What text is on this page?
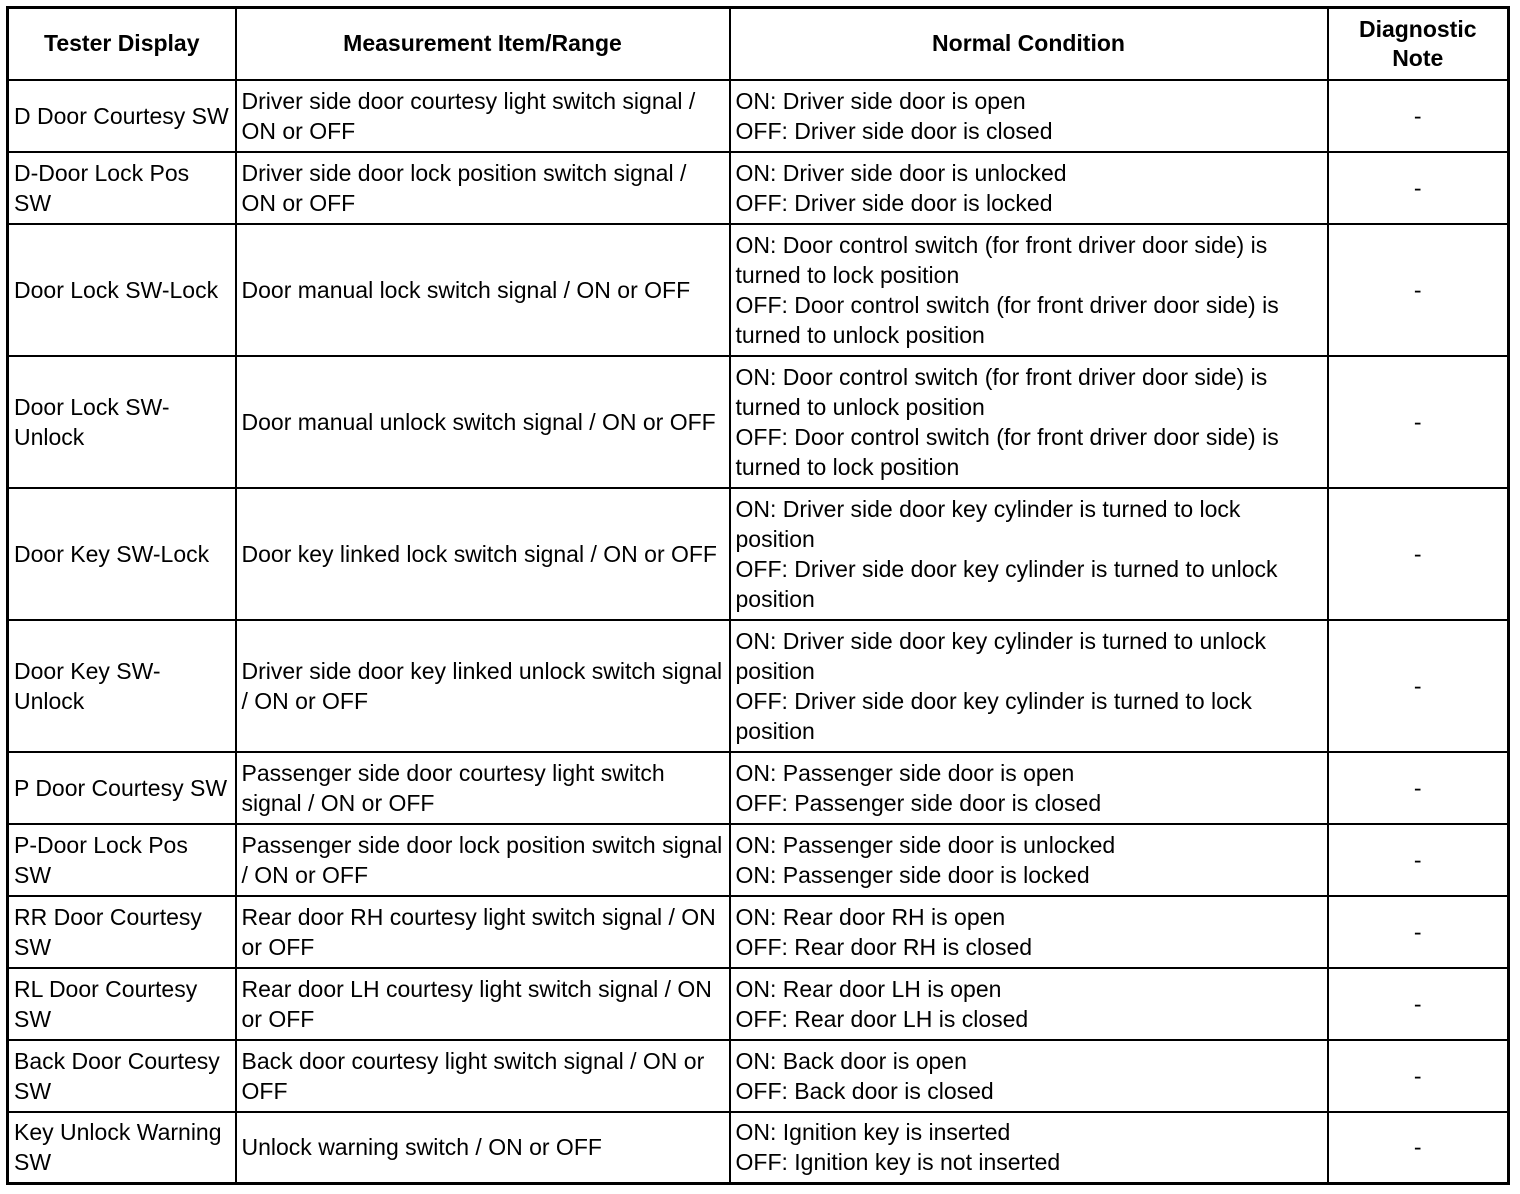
Tester Display	Measurement Item/Range	Normal Condition	Diagnostic Note
D Door Courtesy SW	Driver side door courtesy light switch signal / ON or OFF	ON: Driver side door is open
OFF: Driver side door is closed	-
D-Door Lock Pos SW	Driver side door lock position switch signal / ON or OFF	ON: Driver side door is unlocked
OFF: Driver side door is locked	-
Door Lock SW-Lock	Door manual lock switch signal / ON or OFF	ON: Door control switch (for front driver door side) is turned to lock position
OFF: Door control switch (for front driver door side) is turned to unlock position	-
Door Lock SW-Unlock	Door manual unlock switch signal / ON or OFF	ON: Door control switch (for front driver door side) is turned to unlock position
OFF: Door control switch (for front driver door side) is turned to lock position	-
Door Key SW-Lock	Door key linked lock switch signal / ON or OFF	ON: Driver side door key cylinder is turned to lock position
OFF: Driver side door key cylinder is turned to unlock position	-
Door Key SW-Unlock	Driver side door key linked unlock switch signal / ON or OFF	ON: Driver side door key cylinder is turned to unlock position
OFF: Driver side door key cylinder is turned to lock position	-
P Door Courtesy SW	Passenger side door courtesy light switch signal / ON or OFF	ON: Passenger side door is open
OFF: Passenger side door is closed	-
P-Door Lock Pos SW	Passenger side door lock position switch signal / ON or OFF	ON: Passenger side door is unlocked
ON: Passenger side door is locked	-
RR Door Courtesy SW	Rear door RH courtesy light switch signal / ON or OFF	ON: Rear door RH is open
OFF: Rear door RH is closed	-
RL Door Courtesy SW	Rear door LH courtesy light switch signal / ON or OFF	ON: Rear door LH is open
OFF: Rear door LH is closed	-
Back Door Courtesy SW	Back door courtesy light switch signal / ON or OFF	ON: Back door is open
OFF: Back door is closed	-
Key Unlock Warning SW	Unlock warning switch / ON or OFF	ON: Ignition key is inserted
OFF: Ignition key is not inserted	-
